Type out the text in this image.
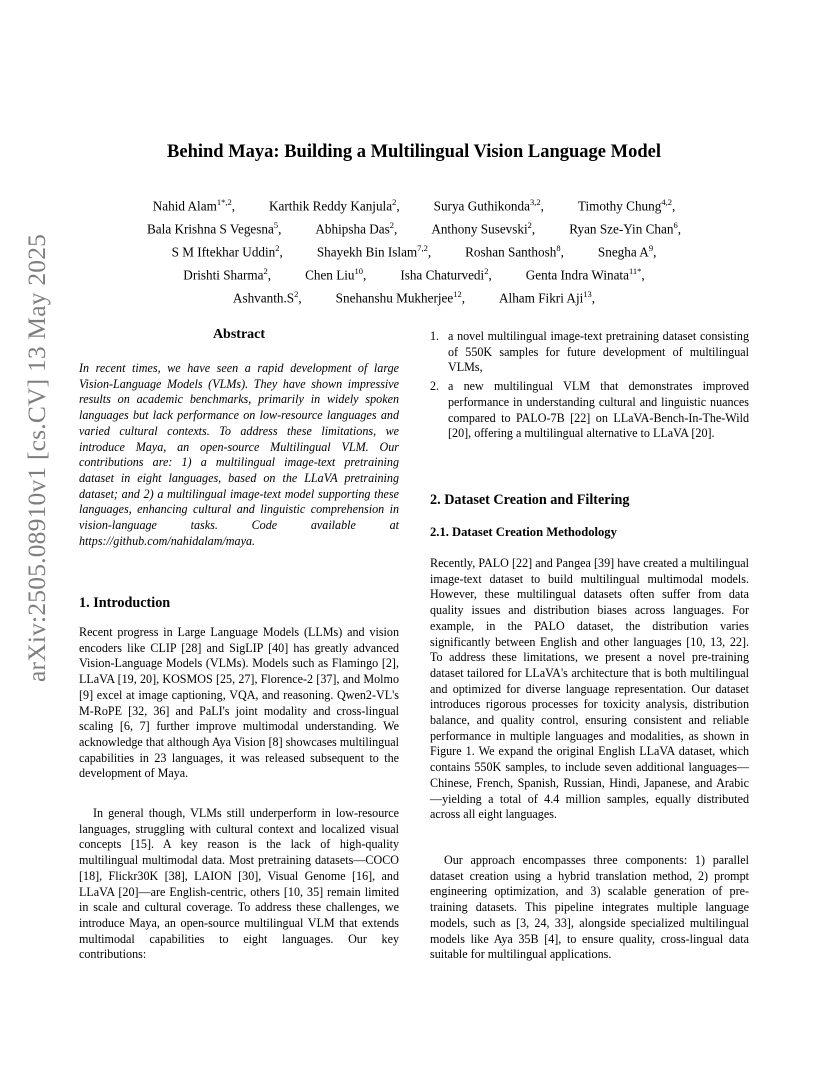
arXiv:2505.08910v1 [cs.CV] 13 May 2025
Behind Maya: Building a Multilingual Vision Language Model
Nahid Alam$^{1*,2}$,	Karthik Reddy Kanjula$^2$,	Surya Guthikonda$^{3,2}$,	Timothy Chung$^{4,2}$,
Bala Krishna S Vegesna$^5$,	Abhipsha Das$^2$,	Anthony Susevski$^2$,	Ryan Sze-Yin Chan$^6$,
S M Iftekhar Uddin$^2$,	Shayekh Bin Islam$^{7,2}$,	Roshan Santhosh$^8$,	Snegha $A^9$,
Drishti Sharma$^2$,	Chen Liu$^{10}$,	Isha Chaturvedi$^2$,	Genta Indra Winata$^{11*}$,
$Ashvanth.S^2$,	Snehanshu Mukherjee$^{12}$,	Alham Fikri Aji$^{13}$,
Abstract
In recent times, we have seen a rapid development of large Vision-Language Models (VLMs). They have shown impressive results on academic benchmarks, primarily in widely spoken languages but lack performance on low-resource languages and varied cultural contexts. To address these limitations, we introduce Maya, an open-source Multilingual VLM. Our contributions are: 1) a multilingual image-text pretraining dataset in eight languages, based on the LLaVA pretraining dataset; and 2) a multilingual image-text model supporting these languages, enhancing cultural and linguistic comprehension in vision-language tasks. Code available at https://github.com/nahidalam/maya.
1. Introduction
Recent progress in Large Language Models (LLMs) and vision encoders like CLIP [28] and SigLIP [40] has greatly advanced Vision-Language Models (VLMs). Models such as Flamingo [2], LLaVA [19, 20], KOSMOS [25, 27], Florence-2 [37], and Molmo [9] excel at image captioning, VQA, and reasoning. Qwen2-VL's M-RoPE [32, 36] and PaLI's joint modality and cross-lingual scaling [6, 7] further improve multimodal understanding. We acknowledge that although Aya Vision [8] showcases multilingual capabilities in 23 languages, it was released subsequent to the development of Maya.
In general though, VLMs still underperform in low-resource languages, struggling with cultural context and localized visual concepts [15]. A key reason is the lack of high-quality multilingual multimodal data. Most pretraining datasets—COCO [18], Flickr30K [38], LAION [30], Visual Genome [16], and LLaVA [20]—are English-centric, others [10, 35] remain limited in scale and cultural coverage. To address these challenges, we introduce Maya, an open-source multilingual VLM that extends multimodal capabilities to eight languages. Our key contributions:
1. a novel multilingual image-text pretraining dataset consisting of 550K samples for future development of multilingual VLMs,
2. a new multilingual VLM that demonstrates improved performance in understanding cultural and linguistic nuances compared to PALO-7B [22] on LLaVA-Bench-In-The-Wild [20], offering a multilingual alternative to LLaVA [20].
2. Dataset Creation and Filtering
2.1. Dataset Creation Methodology
Recently, PALO [22] and Pangea [39] have created a multilingual image-text dataset to build multilingual multimodal models. However, these multilingual datasets often suffer from data quality issues and distribution biases across languages. For example, in the PALO dataset, the distribution varies significantly between English and other languages [10, 13, 22]. To address these limitations, we present a novel pre-training dataset tailored for LLaVA's architecture that is both multilingual and optimized for diverse language representation. Our dataset introduces rigorous processes for toxicity analysis, distribution balance, and quality control, ensuring consistent and reliable performance in multiple languages and modalities, as shown in Figure 1. We expand the original English LLaVA dataset, which contains 550K samples, to include seven additional languages—Chinese, French, Spanish, Russian, Hindi, Japanese, and Arabic—yielding a total of 4.4 million samples, equally distributed across all eight languages.
Our approach encompasses three components: 1) parallel dataset creation using a hybrid translation method, 2) prompt engineering optimization, and 3) scalable generation of pre-training datasets. This pipeline integrates multiple language models, such as [3, 24, 33], alongside specialized multilingual models like Aya 35B [4], to ensure quality, cross-lingual data suitable for multilingual applications.
